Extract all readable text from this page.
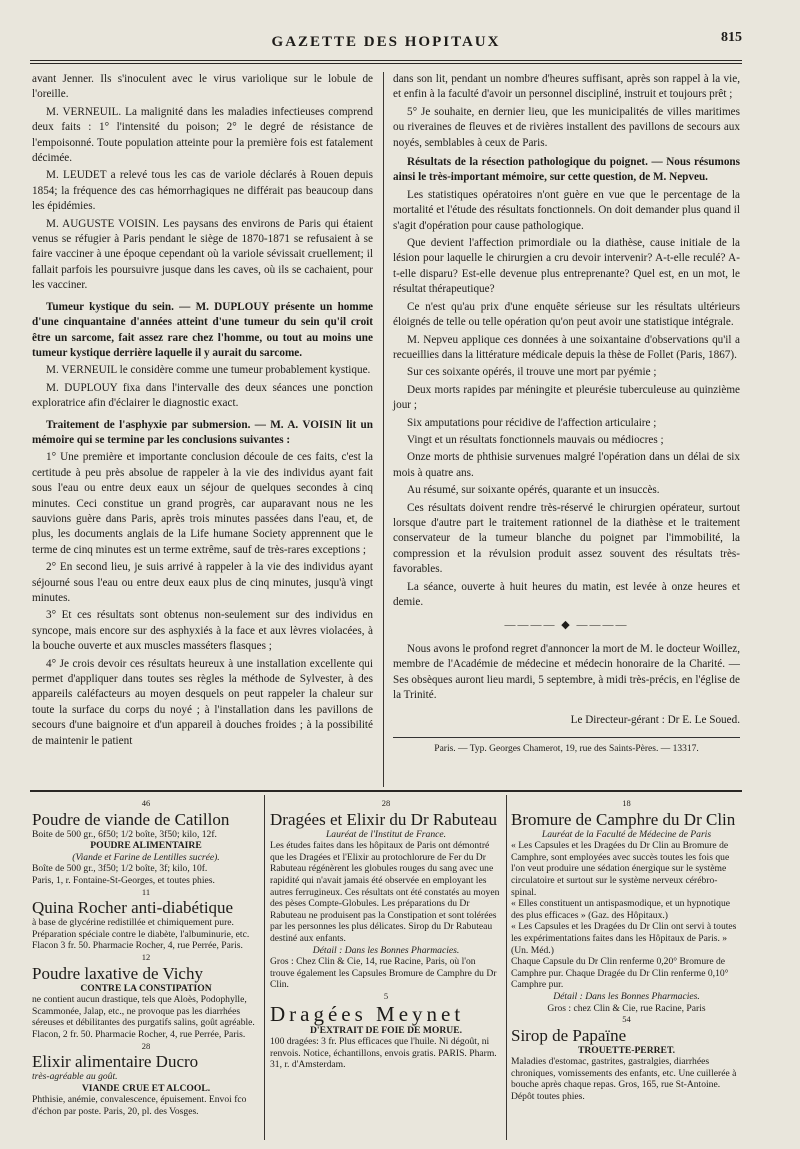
GAZETTE DES HOPITAUX	815

avant Jenner. Ils s'inoculent avec le virus variolique sur le lobule de l'oreille.

M. VERNEUIL. La malignité dans les maladies infectieuses comprend deux faits : 1° l'intensité du poison; 2° le degré de résistance de l'empoisonné. Toute population atteinte pour la première fois est fatalement décimée.

M. LEUDET a relevé tous les cas de variole déclarés à Rouen depuis 1854; la fréquence des cas hémorrhagiques ne différait pas beaucoup dans les épidémies.

M. AUGUSTE VOISIN. Les paysans des environs de Paris qui étaient venus se réfugier à Paris pendant le siège de 1870-1871 se refusaient à se faire vacciner à une époque cependant où la variole sévissait cruellement; il fallait parfois les poursuivre jusque dans les caves, où ils se cachaient, pour les vacciner.

Tumeur kystique du sein. — M. DUPLOUY présente un homme d'une cinquantaine d'années atteint d'une tumeur du sein qu'il croit être un sarcome, fait assez rare chez l'homme, ou tout au moins une tumeur kystique derrière laquelle il y aurait du sarcome.

M. VERNEUIL le considère comme une tumeur probablement kystique.

M. DUPLOUY fixa dans l'intervalle des deux séances une ponction exploratrice afin d'éclairer le diagnostic exact.

Traitement de l'asphyxie par submersion. — M. A. VOISIN lit un mémoire qui se termine par les conclusions suivantes :

1° Une première et importante conclusion découle de ces faits, c'est la certitude à peu près absolue de rappeler à la vie des individus ayant fait sous l'eau ou entre deux eaux un séjour de quelques secondes à cinq minutes. Ceci constitue un grand progrès, car auparavant nous ne les sauvions guère dans Paris, après trois minutes passées dans l'eau, et, de plus, les documents anglais de la Life humane Society apprennent que le terme de cinq minutes est un terme extrême, sauf de très-rares exceptions ;

2° En second lieu, je suis arrivé à rappeler à la vie des individus ayant séjourné sous l'eau ou entre deux eaux plus de cinq minutes, jusqu'à vingt minutes.

3° Et ces résultats sont obtenus non-seulement sur des individus en syncope, mais encore sur des asphyxiés à la face et aux lèvres violacées, à la bouche ouverte et aux muscles masséters flasques ;

4° Je crois devoir ces résultats heureux à une installation excellente qui permet d'appliquer dans toutes ses règles la méthode de Sylvester, à des appareils caléfacteurs au moyen desquels on peut rappeler la chaleur sur toute la surface du corps du noyé ; à l'installation dans les pavillons de secours d'une baignoire et d'un appareil à douches froides ; à la possibilité de maintenir le patient

dans son lit, pendant un nombre d'heures suffisant, après son rappel à la vie, et enfin à la faculté d'avoir un personnel discipliné, instruit et toujours prêt ;

5° Je souhaite, en dernier lieu, que les municipalités de villes maritimes ou riveraines de fleuves et de rivières installent des pavillons de secours aux noyés, semblables à ceux de Paris.

Résultats de la résection pathologique du poignet. — Nous résumons ainsi le très-important mémoire, sur cette question, de M. Nepveu.

Les statistiques opératoires n'ont guère en vue que le percentage de la mortalité et l'étude des résultats fonctionnels. On doit demander plus quand il s'agit d'opération pour cause pathologique.

Que devient l'affection primordiale ou la diathèse, cause initiale de la lésion pour laquelle le chirurgien a cru devoir intervenir? A-t-elle reculé? A-t-elle disparu? Est-elle devenue plus entreprenante? Quel est, en un mot, le résultat thérapeutique?

Ce n'est qu'au prix d'une enquête sérieuse sur les résultats ultérieurs éloignés de telle ou telle opération qu'on peut avoir une statistique intégrale.

M. Nepveu applique ces données à une soixantaine d'observations qu'il a recueillies dans la littérature médicale depuis la thèse de Follet (Paris, 1867).

Sur ces soixante opérés, il trouve une mort par pyémie ;

Deux morts rapides par méningite et pleurésie tuberculeuse au quinzième jour ;

Six amputations pour récidive de l'affection articulaire ;

Vingt et un résultats fonctionnels mauvais ou médiocres ;

Onze morts de phthisie survenues malgré l'opération dans un délai de six mois à quatre ans.

Au résumé, sur soixante opérés, quarante et un insuccès.

Ces résultats doivent rendre très-réservé le chirurgien opérateur, surtout lorsque d'autre part le traitement rationnel de la diathèse et le traitement conservateur de la tumeur blanche du poignet par l'immobilité, la compression et la révulsion produit assez souvent des résultats très-favorables.

La séance, ouverte à huit heures du matin, est levée à onze heures et demie.

———— ◆ ————

Nous avons le profond regret d'annoncer la mort de M. le docteur Woillez, membre de l'Académie de médecine et médecin honoraire de la Charité. — Ses obsèques auront lieu mardi, 5 septembre, à midi très-précis, en l'église de la Trinité.

Le Directeur-gérant : Dr E. Le Soued.
Paris. — Typ. Georges Chamerot, 19, rue des Saints-Pères. — 13317.
46
Poudre de viande de Catillon

Boite de 500 gr., 6f50; 1/2 boîte, 3f50; kilo, 12f.

POUDRE ALIMENTAIRE

(Viande et Farine de Lentilles sucrée).

Boîte de 500 gr., 3f50; 1/2 boîte, 3f; kilo, 10f.

Paris, 1, r. Fontaine-St-Georges, et toutes phies.

11
Quina Rocher anti-diabétique

à base de glycérine redistillée et chimiquement pure. Préparation spéciale contre le diabète, l'albuminurie, etc. Flacon 3 fr. 50. Pharmacie Rocher, 4, rue Perrée, Paris.

12
Poudre laxative de Vichy

CONTRE LA CONSTIPATION

ne contient aucun drastique, tels que Aloès, Podophylle, Scammonée, Jalap, etc., ne provoque pas les diarrhées séreuses et débilitantes des purgatifs salins, goût agréable. Flacon, 2 fr. 50. Pharmacie Rocher, 4, rue Perrée, Paris.

28
Elixir alimentaire Ducro

très-agréable au goût.

VIANDE CRUE ET ALCOOL.

Phthisie, anémie, convalescence, épuisement. Envoi fco d'échon par poste. Paris, 20, pl. des Vosges.

28
Dragées et Elixir du Dr Rabuteau

Lauréat de l'Institut de France.

Les études faites dans les hôpitaux de Paris ont démontré que les Dragées et l'Elixir au protochlorure de Fer du Dr Rabuteau régénèrent les globules rouges du sang avec une rapidité qui n'avait jamais été observée en employant les autres ferrugineux. Ces résultats ont été constatés au moyen des pèses Compte-Globules. Les préparations du Dr Rabuteau ne produisent pas la Constipation et sont tolérées par les personnes les plus délicates. Sirop du Dr Rabuteau destiné aux enfants.

Détail : Dans les Bonnes Pharmacies.

Gros : Chez Clin & Cie, 14, rue Racine, Paris, où l'on trouve également les Capsules Bromure de Camphre du Dr Clin.

5
Dragées Meynet

D'EXTRAIT DE FOIE DE MORUE.

100 dragées: 3 fr. Plus efficaces que l'huile. Ni dégoût, ni renvois. Notice, échantillons, envois gratis. PARIS. Pharm. 31, r. d'Amsterdam.

18
Bromure de Camphre du Dr Clin

Lauréat de la Faculté de Médecine de Paris

« Les Capsules et les Dragées du Dr Clin au Bromure de Camphre, sont employées avec succès toutes les fois que l'on veut produire une sédation énergique sur le système circulatoire et surtout sur le système nerveux cérébro-spinal.

« Elles constituent un antispasmodique, et un hypnotique des plus efficaces » (Gaz. des Hôpitaux.)

« Les Capsules et les Dragées du Dr Clin ont servi à toutes les expérimentations faites dans les Hôpitaux de Paris. » (Un. Méd.)

Chaque Capsule du Dr Clin renferme 0,20° Bromure de Camphre pur. Chaque Dragée du Dr Clin renferme 0,10° Camphre pur.

Détail : Dans les Bonnes Pharmacies.

Gros : chez Clin & Cie, rue Racine, Paris

54
Sirop de Papaïne

TROUETTE-PERRET.

Maladies d'estomac, gastrites, gastralgies, diarrhées chroniques, vomissements des enfants, etc. Une cuillerée à bouche après chaque repas. Gros, 165, rue St-Antoine. Dépôt toutes phies.
